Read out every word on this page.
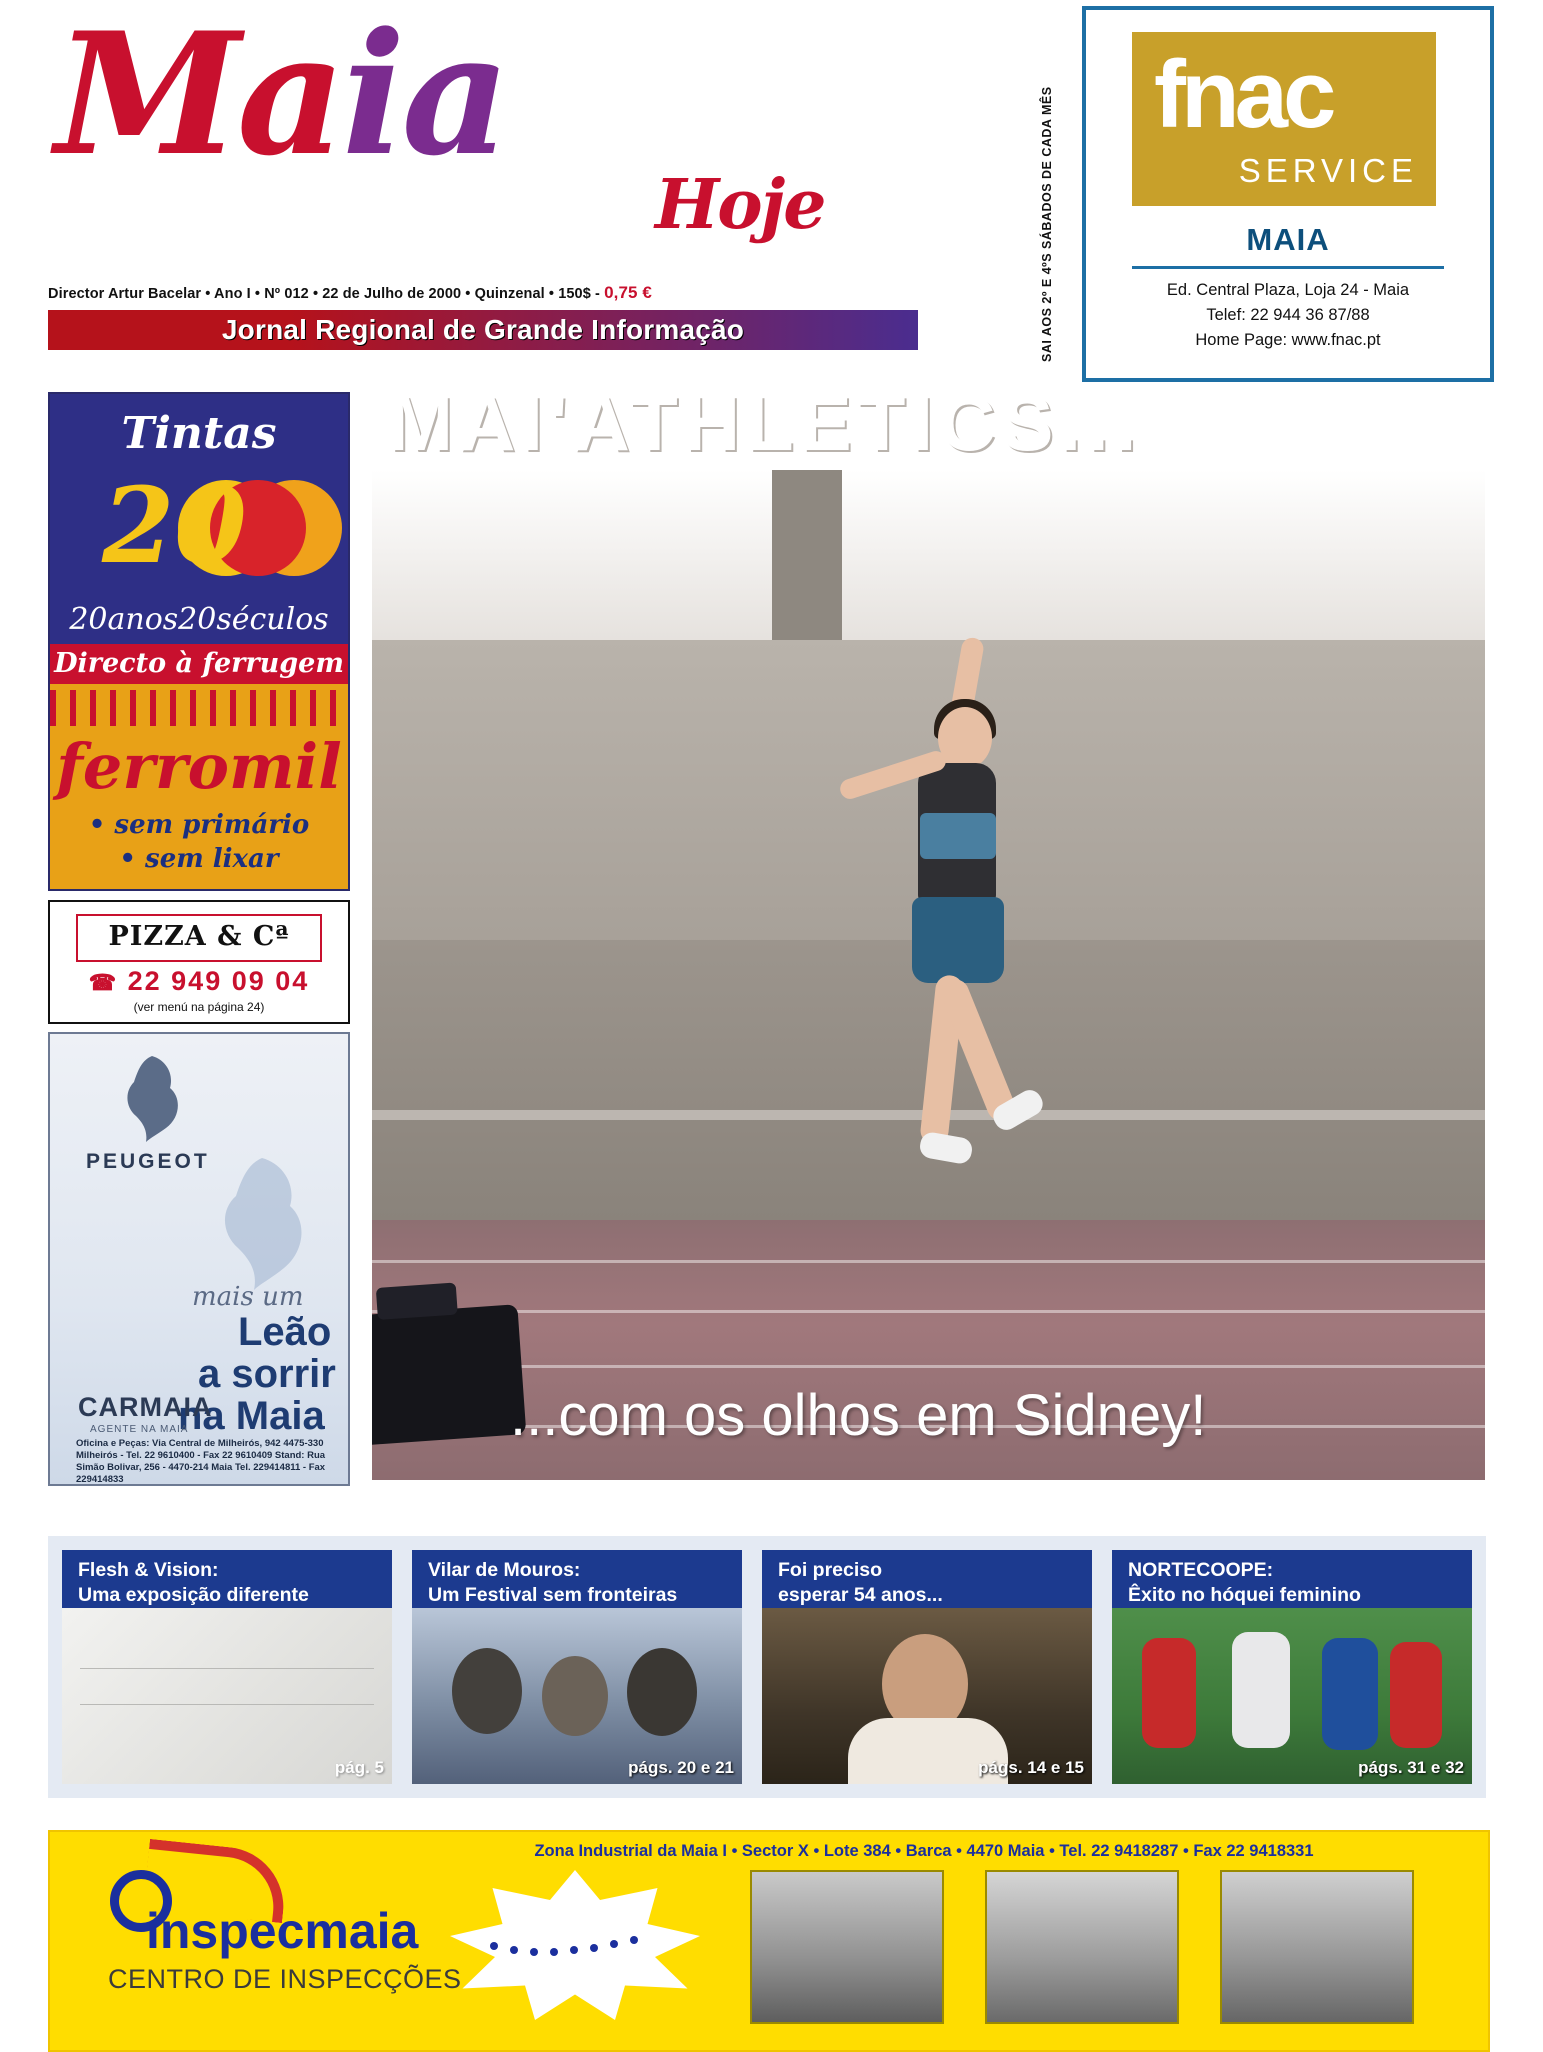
Maia
Hoje
Director Artur Bacelar • Ano I • Nº 012 • 22 de Julho de 2000 • Quinzenal • 150$ - 0,75 €
Jornal Regional de Grande Informação	SAI AOS 2º E 4ºS SÁBADOS DE CADA MÊS fnac
SERVICE
MAIA
Ed. Central Plaza, Loja 24 - Maia
Telef: 22 944 36 87/88
Home Page: www.fnac.pt
Tintas
20
20anos20séculos
Directo à ferrugem
ferromil
• sem primário
• sem lixar
PIZZA & Cª
☎ 22 949 09 04
(ver menú na página 24)
PEUGEOT
mais um
Leão
a sorrir
na Maia
CARMAIA
AGENTE NA MAIA
Oficina e Peças: Via Central de Milheirós, 942 4475-330 Milheirós - Tel. 22 9610400 - Fax 22 9610409 Stand: Rua Simão Bolivar, 256 - 4470-214 Maia Tel. 229414811 - Fax 229414833
MAI'ATHLETICS...
...com os olhos em Sidney!
Flesh & Vision:
Uma exposição diferente
pág. 5
Vilar de Mouros:
Um Festival sem fronteiras
págs. 20 e 21
Foi preciso
esperar 54 anos...
págs. 14 e 15
NORTECOOPE:
Êxito no hóquei feminino
págs. 31 e 32
inspecmaia
CENTRO DE INSPECÇÕES
Zona Industrial da Maia I • Sector X • Lote 384 • Barca • 4470 Maia • Tel. 22 9418287 • Fax 22 9418331
